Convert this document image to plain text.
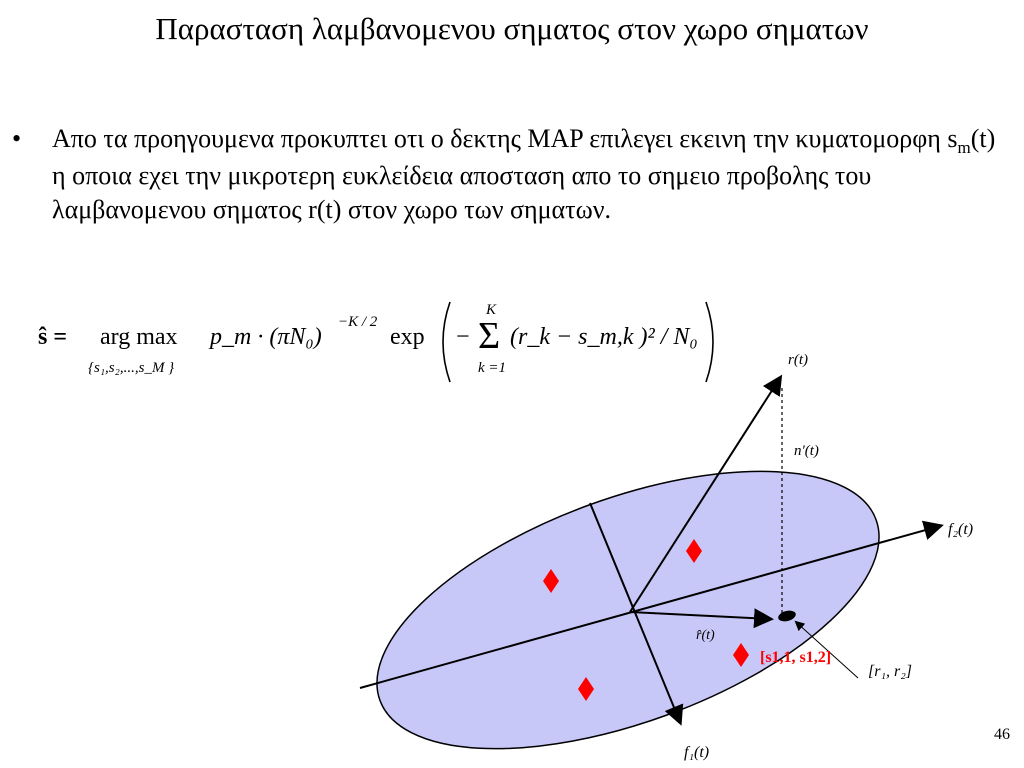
Παρασταση λαμβανομενου σηματος στον χωρο σηματων
• Απο τα προηγουμενα προκυπτει οτι ο δεκτης MAP επιλεγει εκεινη την κυματομορφη $s_m(t)$ η οποια εχει την μικροτερη ευκλείδεια αποσταση απο το σημειο προβολης του λαμβανομενου σηματος r(t) στον χωρο των σηματων.
ŝ = arg max
{s₁,s₂,...,s_M }
p_m · (πN₀)
−K / 2
exp −
K
Σ
k =1
(r_k − s_m,k )² / N₀
r(t)
n'(t)
f₂(t)
f₁(t)
r̂(t)
[s1,1, s1,2]
[r₁, r₂]
46
